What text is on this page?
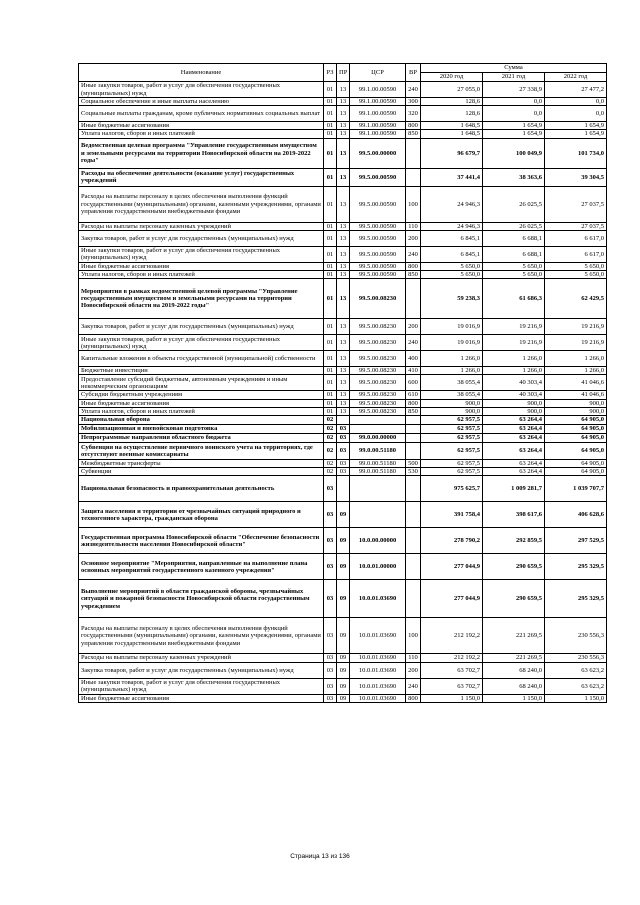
Наименование	РЗ	ПР	ЦСР	ВР	Сумма		
					2020 год	2021 год	2022 год
Иные закупки товаров, работ и услуг для обеспечения государственных (муниципальных) нужд	01	13	99.1.00.00590	240	27 055,0	27 338,9	27 477,2
Социальное обеспечение и иные выплаты населению	01	13	99.1.00.00590	300	128,6	0,0	0,0
Социальные выплаты гражданам, кроме публичных нормативных социальных выплат	01	13	99.1.00.00590	320	128,6	0,0	0,0
Иные бюджетные ассигнования	01	13	99.1.00.00590	800	1 648,5	1 654,9	1 654,9
Уплата налогов, сборов и иных платежей	01	13	99.1.00.00590	850	1 648,5	1 654,9	1 654,9
Ведомственная целевая программа "Управление государственным имуществом и земельными ресурсами на территории Новосибирской области на 2019-2022 годы"	01	13	99.5.00.00000		96 679,7	100 049,9	101 734,0
Расходы на обеспечение деятельности (оказание услуг) государственных учреждений	01	13	99.5.00.00590		37 441,4	38 363,6	39 304,5
Расходы на выплаты персоналу в целях обеспечения выполнения функций государственными (муниципальными) органами, казенными учреждениями, органами управления государственными внебюджетными фондами	01	13	99.5.00.00590	100	24 946,3	26 025,5	27 037,5
Расходы на выплаты персоналу казенных учреждений	01	13	99.5.00.00590	110	24 946,3	26 025,5	27 037,5
Закупка товаров, работ и услуг для государственных (муниципальных) нужд	01	13	99.5.00.00590	200	6 845,1	6 688,1	6 617,0
Иные закупки товаров, работ и услуг для обеспечения государственных (муниципальных) нужд	01	13	99.5.00.00590	240	6 845,1	6 688,1	6 617,0
Иные бюджетные ассигнования	01	13	99.5.00.00590	800	5 650,0	5 650,0	5 650,0
Уплата налогов, сборов и иных платежей	01	13	99.5.00.00590	850	5 650,0	5 650,0	5 650,0
Мероприятия в рамках ведомственной целевой программы "Управление государственным имуществом и земельными ресурсами на территории Новосибирской области на 2019-2022 годы"	01	13	99.5.00.08230		59 238,3	61 686,3	62 429,5
Закупка товаров, работ и услуг для государственных (муниципальных) нужд	01	13	99.5.00.08230	200	19 016,9	19 216,9	19 216,9
Иные закупки товаров, работ и услуг для обеспечения государственных (муниципальных) нужд	01	13	99.5.00.08230	240	19 016,9	19 216,9	19 216,9
Капитальные вложения в объекты государственной (муниципальной) собственности	01	13	99.5.00.08230	400	1 266,0	1 266,0	1 266,0
Бюджетные инвестиции	01	13	99.5.00.08230	410	1 266,0	1 266,0	1 266,0
Предоставление субсидий бюджетным, автономным учреждениям и иным некоммерческим организациям	01	13	99.5.00.08230	600	38 055,4	40 303,4	41 046,6
Субсидии бюджетным учреждениям	01	13	99.5.00.08230	610	38 055,4	40 303,4	41 046,6
Иные бюджетные ассигнования	01	13	99.5.00.08230	800	900,0	900,0	900,0
Уплата налогов, сборов и иных платежей	01	13	99.5.00.08230	850	900,0	900,0	900,0
Национальная оборона	02				62 957,5	63 264,4	64 905,0
Мобилизационная и вневойсковая подготовка	02	03			62 957,5	63 264,4	64 905,0
Непрограммные направления областного бюджета	02	03	99.0.00.00000		62 957,5	63 264,4	64 905,0
Субвенция на осуществление первичного воинского учета на территориях, где отсутствуют военные комиссариаты	02	03	99.0.00.51180		62 957,5	63 264,4	64 905,0
Межбюджетные трансферты	02	03	99.0.00.51180	500	62 957,5	63 264,4	64 905,0
Субвенции	02	03	99.0.00.51180	530	62 957,5	63 264,4	64 905,0
Национальная безопасность и правоохранительная деятельность	03				975 625,7	1 009 281,7	1 039 707,7
Защита населения и территории от чрезвычайных ситуаций природного и техногенного характера, гражданская оборона	03	09			391 758,4	398 617,6	406 628,6
Государственная программа Новосибирской области "Обеспечение безопасности жизнедеятельности населения Новосибирской области"	03	09	10.0.00.00000		278 790,2	292 859,5	297 529,5
Основное мероприятие "Мероприятия, направленные на выполнение плана основных мероприятий государственного казенного учреждения"	03	09	10.0.01.00000		277 044,9	290 659,5	295 329,5
Выполнение мероприятий в области гражданской обороны, чрезвычайных ситуаций и пожарной безопасности Новосибирской области государственным учреждением	03	09	10.0.01.03690		277 044,9	290 659,5	295 329,5
Расходы на выплаты персоналу в целях обеспечения выполнения функций государственными (муниципальными) органами, казенными учреждениями, органами управления государственными внебюджетными фондами	03	09	10.0.01.03690	100	212 192,2	221 269,5	230 556,3
Расходы на выплаты персоналу казенных учреждений	03	09	10.0.01.03690	110	212 192,2	221 269,5	230 556,3
Закупка товаров, работ и услуг для государственных (муниципальных) нужд	03	09	10.0.01.03690	200	63 702,7	68 240,0	63 623,2
Иные закупки товаров, работ и услуг для обеспечения государственных (муниципальных) нужд	03	09	10.0.01.03690	240	63 702,7	68 240,0	63 623,2
Иные бюджетные ассигнования	03	09	10.0.01.03690	800	1 150,0	1 150,0	1 150,0
Страница 13 из 136
